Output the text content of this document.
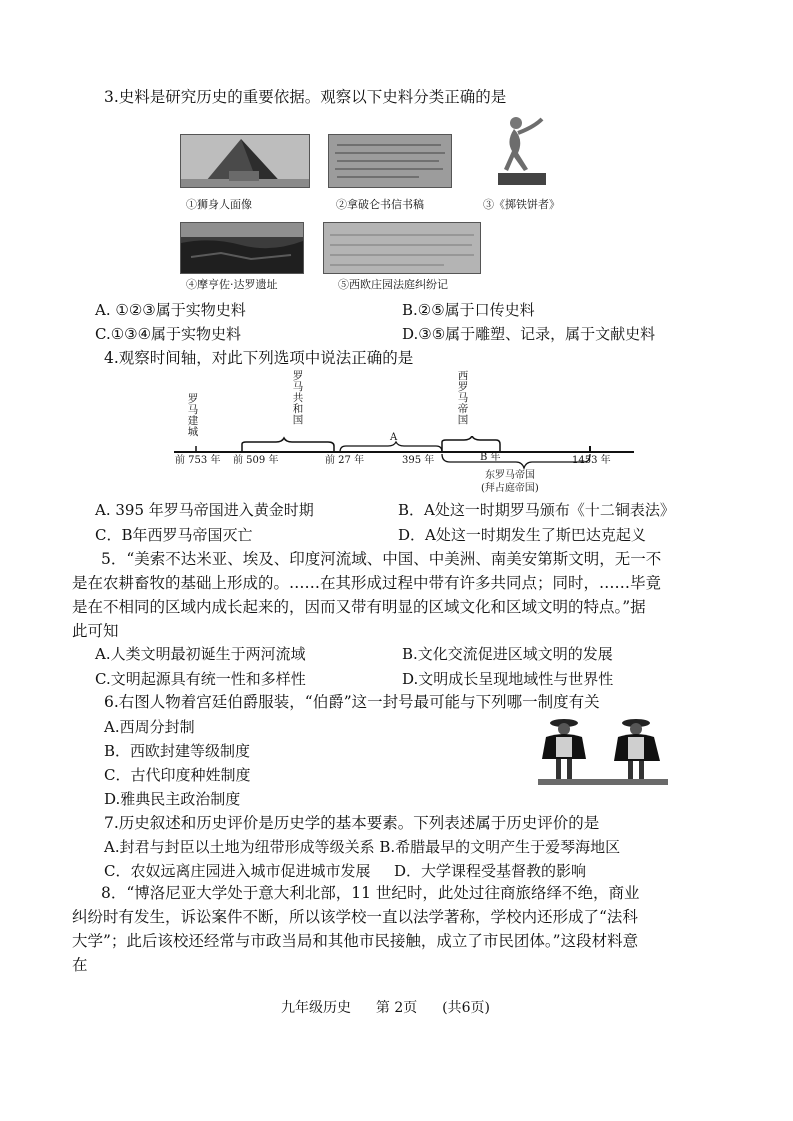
3.史料是研究历史的重要依据。观察以下史料分类正确的是
①狮身人面像	②拿破仑书信书稿	③《掷铁饼者》
④摩亨佐·达罗遗址	⑤西欧庄园法庭纠纷记
A. ①②③属于实物史料	B.②⑤属于口传史料
C.①③④属于实物史料	D.③⑤属于雕塑、记录，属于文献史料
4.观察时间轴，对此下列选项中说法正确的是
罗马建城
罗马共和国
西罗马帝国
A
B 年
前 753 年 前 509 年	前 27 年	395 年	1453 年
东罗马帝国
(拜占庭帝国)
A. 395 年罗马帝国进入黄金时期	B．A处这一时期罗马颁布《十二铜表法》
C．B年西罗马帝国灭亡	D．A处这一时期发生了斯巴达克起义
5．“美索不达米亚、埃及、印度河流域、中国、中美洲、南美安第斯文明，无一不
是在农耕畜牧的基础上形成的。……在其形成过程中带有许多共同点；同时，……毕竟
是在不相同的区域内成长起来的，因而又带有明显的区域文化和区域文明的特点。”据
此可知
A.人类文明最初诞生于两河流域	B.文化交流促进区域文明的发展
C.文明起源具有统一性和多样性	D.文明成长呈现地域性与世界性
6.右图人物着宫廷伯爵服装，“伯爵”这一封号最可能与下列哪一制度有关
A.西周分封制
B．西欧封建等级制度
C．古代印度种姓制度
D.雅典民主政治制度
7.历史叙述和历史评价是历史学的基本要素。下列表述属于历史评价的是
A.封君与封臣以土地为纽带形成等级关系 B.希腊最早的文明产生于爱琴海地区
C．农奴远离庄园进入城市促进城市发展 D．大学课程受基督教的影响
8．“博洛尼亚大学处于意大利北部，11 世纪时，此处过往商旅络绎不绝，商业
纠纷时有发生，诉讼案件不断，所以该学校一直以法学著称，学校内还形成了“法科
大学”；此后该校还经常与市政当局和其他市民接触，成立了市民团体。”这段材料意
在
九年级历史 第 2页 (共6页)
